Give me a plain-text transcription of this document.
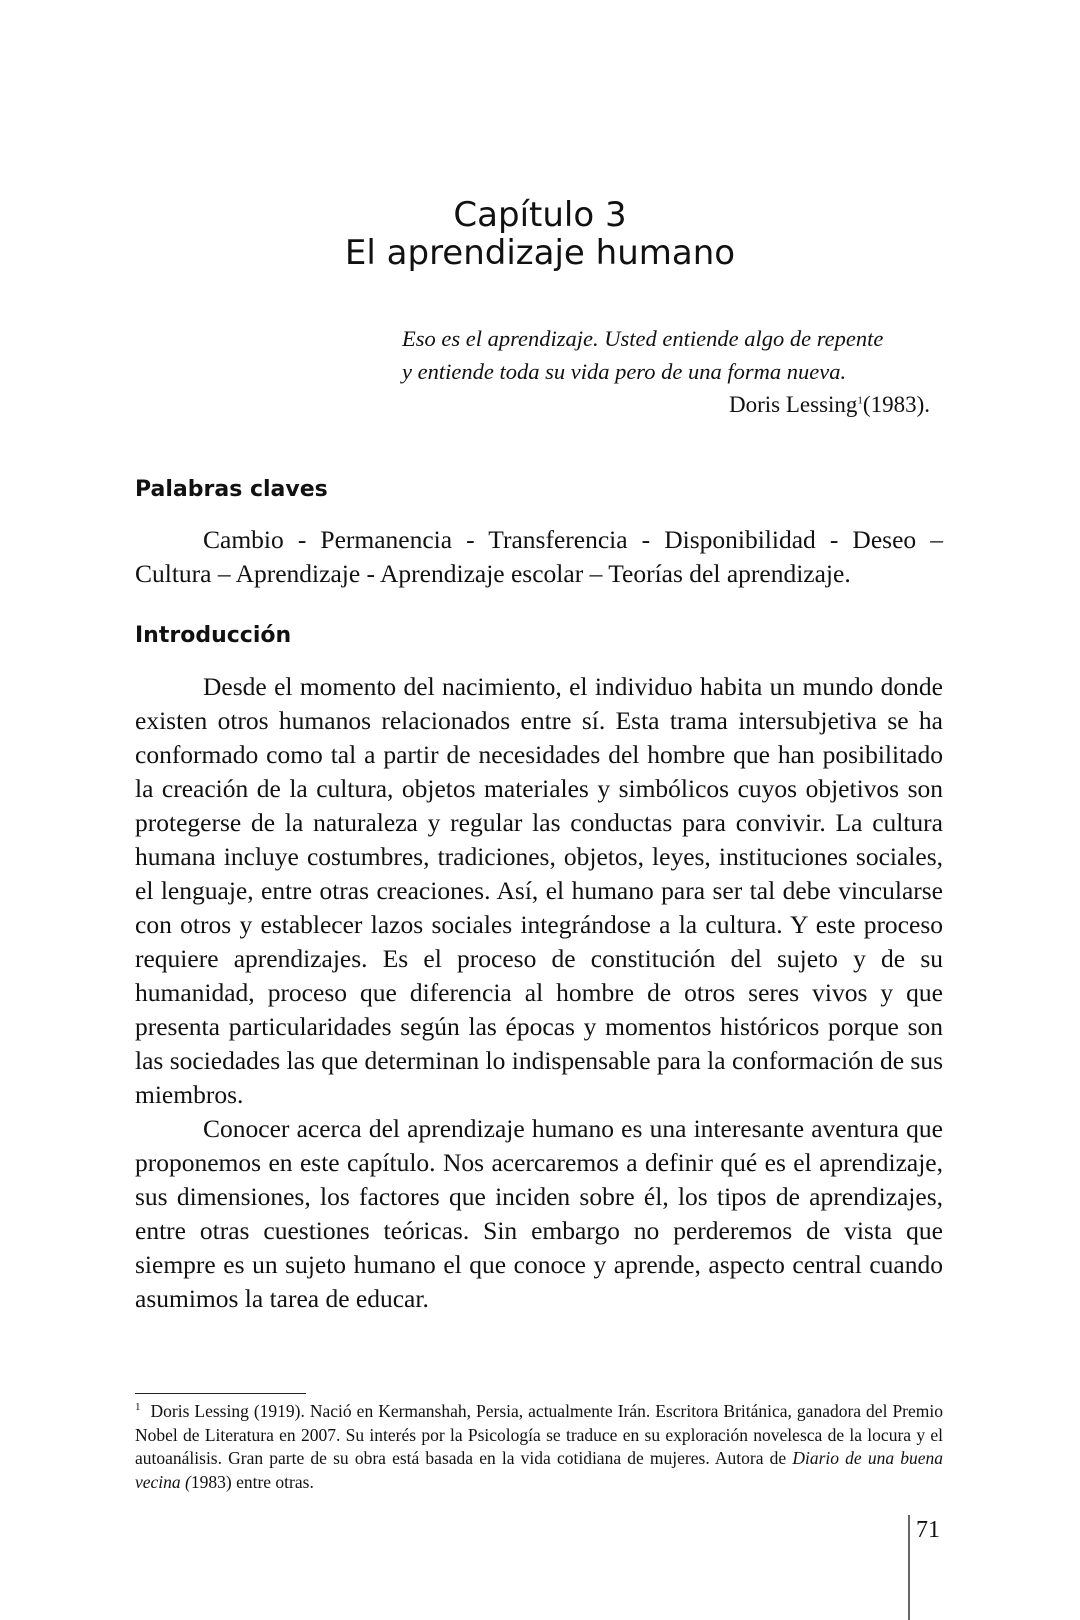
Capítulo 3
El aprendizaje humano
Eso es el aprendizaje. Usted entiende algo de repente
y entiende toda su vida pero de una forma nueva.
Doris Lessing$^1$(1983).
Palabras claves

Cambio - Permanencia - Transferencia - Disponibilidad - Deseo – Cultura – Aprendizaje - Aprendizaje escolar – Teorías del aprendizaje.

Introducción

Desde el momento del nacimiento, el individuo habita un mundo donde existen otros humanos relacionados entre sí. Esta trama intersubjetiva se ha conformado como tal a partir de necesidades del hombre que han posibilitado la creación de la cultura, objetos materiales y simbólicos cuyos objetivos son protegerse de la naturaleza y regular las conductas para convivir. La cultura humana incluye costumbres, tradiciones, objetos, leyes, instituciones sociales, el lenguaje, entre otras creaciones. Así, el humano para ser tal debe vincularse con otros y establecer lazos sociales integrándose a la cultura. Y este proceso requiere aprendizajes. Es el proceso de constitución del sujeto y de su humanidad, proceso que diferencia al hombre de otros seres vivos y que presenta particularidades según las épocas y momentos históricos porque son las sociedades las que determinan lo indispensable para la conformación de sus miembros.

Conocer acerca del aprendizaje humano es una interesante aventura que proponemos en este capítulo. Nos acercaremos a definir qué es el aprendizaje, sus dimensiones, los factores que inciden sobre él, los tipos de aprendizajes, entre otras cuestiones teóricas. Sin embargo no perderemos de vista que siempre es un sujeto humano el que conoce y aprende, aspecto central cuando asumimos la tarea de educar.

$^1$ Doris Lessing (1919). Nació en Kermanshah, Persia, actualmente Irán. Escritora Británica, ganadora del Premio Nobel de Literatura en 2007. Su interés por la Psicología se traduce en su exploración novelesca de la locura y el autoanálisis. Gran parte de su obra está basada en la vida cotidiana de mujeres. Autora de Diario de una buena vecina (1983) entre otras.
71
